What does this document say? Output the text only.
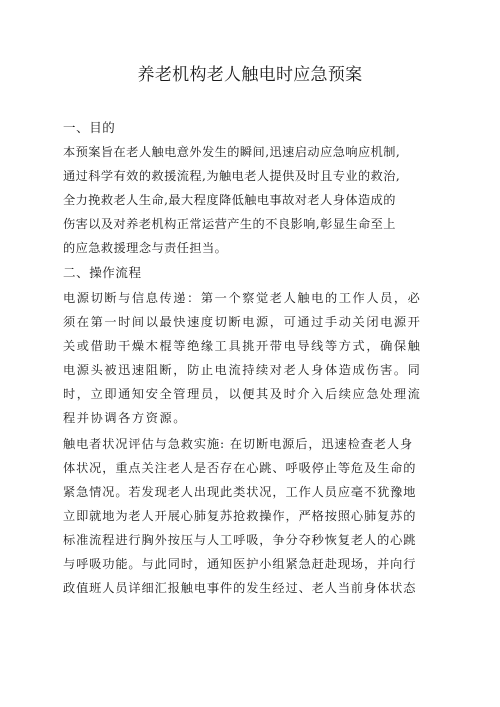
养老机构老人触电时应急预案
一、目的
本预案旨在老人触电意外发生的瞬间,迅速启动应急响应机制,
通过科学有效的救援流程,为触电老人提供及时且专业的救治,
全力挽救老人生命,最大程度降低触电事故对老人身体造成的
伤害以及对养老机构正常运营产生的不良影响,彰显生命至上
的应急救援理念与责任担当。
二、操作流程
电源切断与信息传递：第一个察觉老人触电的工作人员，必
须在第一时间以最快速度切断电源，可通过手动关闭电源开
关或借助干燥木棍等绝缘工具挑开带电导线等方式，确保触
电源头被迅速阻断，防止电流持续对老人身体造成伤害。同
时，立即通知安全管理员，以便其及时介入后续应急处理流
程并协调各方资源。
触电者状况评估与急救实施: 在切断电源后，迅速检查老人身
体状况，重点关注老人是否存在心跳、呼吸停止等危及生命的
紧急情况。若发现老人出现此类状况，工作人员应毫不犹豫地
立即就地为老人开展心肺复苏抢救操作，严格按照心肺复苏的
标准流程进行胸外按压与人工呼吸，争分夺秒恢复老人的心跳
与呼吸功能。与此同时，通知医护小组紧急赶赴现场，并向行
政值班人员详细汇报触电事件的发生经过、老人当前身体状态
